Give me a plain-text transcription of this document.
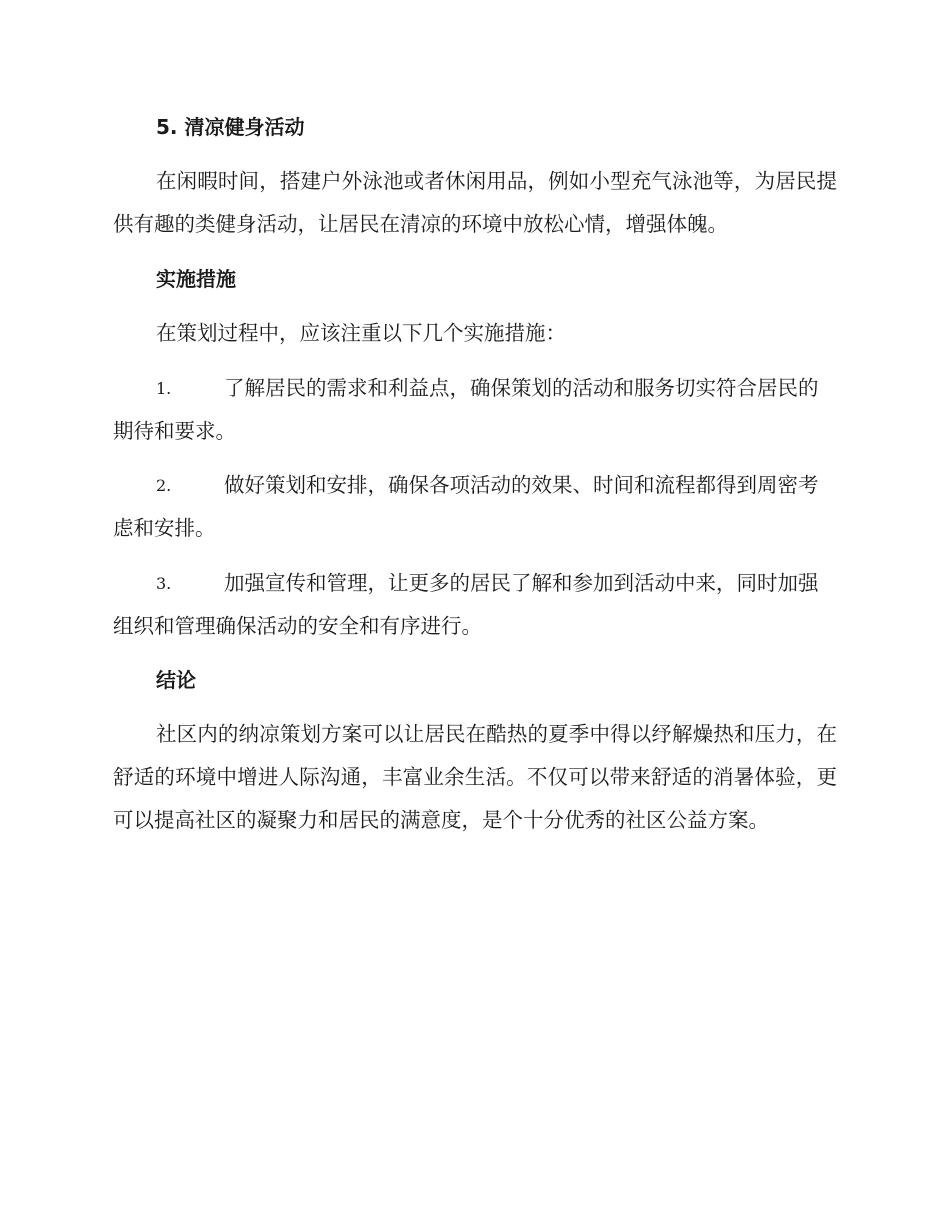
5. 清凉健身活动

在闲暇时间，搭建户外泳池或者休闲用品，例如小型充气泳池等，为居民提供有趣的类健身活动，让居民在清凉的环境中放松心情，增强体魄。

实施措施

在策划过程中，应该注重以下几个实施措施：

1.	了解居民的需求和利益点，确保策划的活动和服务切实符合居民的期待和要求。

2.	做好策划和安排，确保各项活动的效果、时间和流程都得到周密考虑和安排。

3.	加强宣传和管理，让更多的居民了解和参加到活动中来，同时加强组织和管理确保活动的安全和有序进行。

结论

社区内的纳凉策划方案可以让居民在酷热的夏季中得以纾解燥热和压力，在舒适的环境中增进人际沟通，丰富业余生活。不仅可以带来舒适的消暑体验，更可以提高社区的凝聚力和居民的满意度，是个十分优秀的社区公益方案。
